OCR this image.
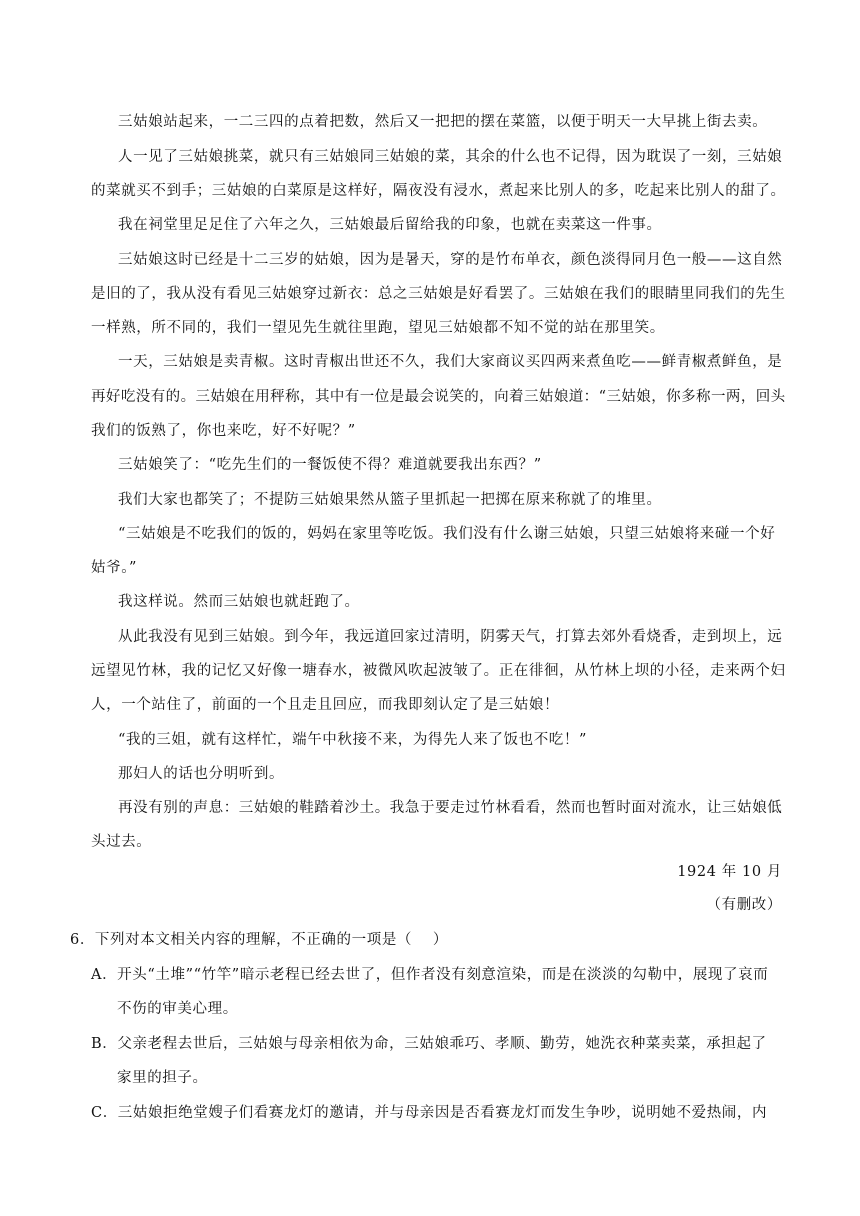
三姑娘站起来，一二三四的点着把数，然后又一把把的摆在菜篮，以便于明天一大早挑上街去卖。
人一见了三姑娘挑菜，就只有三姑娘同三姑娘的菜，其余的什么也不记得，因为耽误了一刻，三姑娘
的菜就买不到手；三姑娘的白菜原是这样好，隔夜没有浸水，煮起来比别人的多，吃起来比别人的甜了。
我在祠堂里足足住了六年之久，三姑娘最后留给我的印象，也就在卖菜这一件事。
三姑娘这时已经是十二三岁的姑娘，因为是暑天，穿的是竹布单衣，颜色淡得同月色一般——这自然
是旧的了，我从没有看见三姑娘穿过新衣：总之三姑娘是好看罢了。三姑娘在我们的眼睛里同我们的先生
一样熟，所不同的，我们一望见先生就往里跑，望见三姑娘都不知不觉的站在那里笑。
一天，三姑娘是卖青椒。这时青椒出世还不久，我们大家商议买四两来煮鱼吃——鲜青椒煮鲜鱼，是
再好吃没有的。三姑娘在用秤称，其中有一位是最会说笑的，向着三姑娘道：“三姑娘，你多称一两，回头
我们的饭熟了，你也来吃，好不好呢？”
三姑娘笑了：“吃先生们的一餐饭使不得？难道就要我出东西？”
我们大家也都笑了；不提防三姑娘果然从篮子里抓起一把掷在原来称就了的堆里。
“三姑娘是不吃我们的饭的，妈妈在家里等吃饭。我们没有什么谢三姑娘，只望三姑娘将来碰一个好
姑爷。”
我这样说。然而三姑娘也就赶跑了。
从此我没有见到三姑娘。到今年，我远道回家过清明，阴雾天气，打算去郊外看烧香，走到坝上，远
远望见竹林，我的记忆又好像一塘春水，被微风吹起波皱了。正在徘徊，从竹林上坝的小径，走来两个妇
人，一个站住了，前面的一个且走且回应，而我即刻认定了是三姑娘！
“我的三姐，就有这样忙，端午中秋接不来，为得先人来了饭也不吃！”
那妇人的话也分明听到。
再没有别的声息：三姑娘的鞋踏着沙土。我急于要走过竹林看看，然而也暂时面对流水，让三姑娘低
头过去。
1924 年 10 月
（有删改）
6．下列对本文相关内容的理解，不正确的一项是（    ）
A．开头“土堆”“竹竿”暗示老程已经去世了，但作者没有刻意渲染，而是在淡淡的勾勒中，展现了哀而
不伤的审美心理。
B．父亲老程去世后，三姑娘与母亲相依为命，三姑娘乖巧、孝顺、勤劳，她洗衣种菜卖菜，承担起了
家里的担子。
C．三姑娘拒绝堂嫂子们看赛龙灯的邀请，并与母亲因是否看赛龙灯而发生争吵，说明她不爱热闹，内
